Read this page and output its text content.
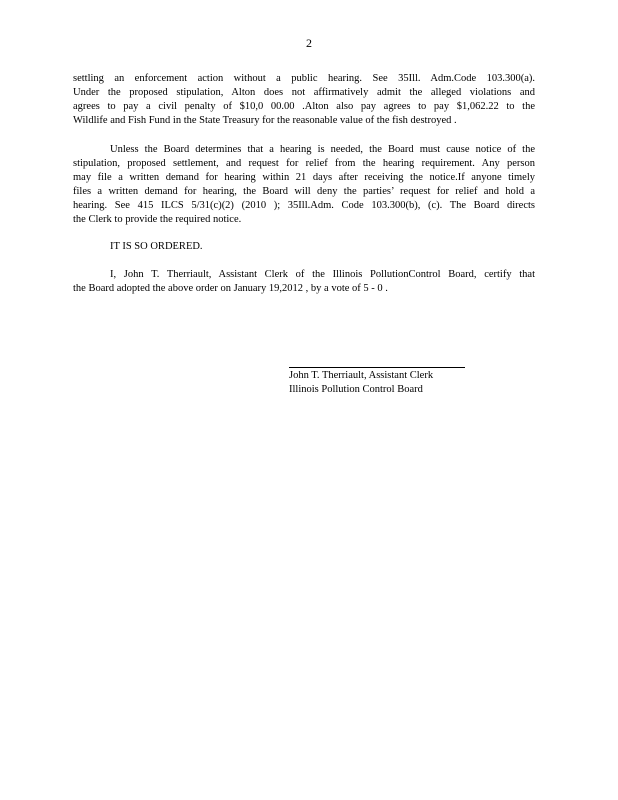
2
settling an enforcement action without a public hearing. See 35Ill. Adm.Code 103.300(a).
Under the proposed stipulation, Alton does not affirmatively admit the alleged violations and
agrees to pay a civil penalty of $10,0 00.00 .Alton also pay agrees to pay $1,062.22 to the
Wildlife and Fish Fund in the State Treasury for the reasonable value of the fish destroyed .
Unless the Board determines that a hearing is needed, the Board must cause notice of the
stipulation, proposed settlement, and request for relief from the hearing requirement. Any person
may file a written demand for hearing within 21 days after receiving the notice.If anyone timely
files a written demand for hearing, the Board will deny the parties’ request for relief and hold a
hearing. See 415 ILCS 5/31(c)(2) (2010 ); 35Ill.Adm. Code 103.300(b), (c). The Board directs
the Clerk to provide the required notice.
IT IS SO ORDERED.
I, John T. Therriault, Assistant Clerk of the Illinois PollutionControl Board, certify that
the Board adopted the above order on January 19,2012 , by a vote of 5 - 0 .
John T. Therriault, Assistant Clerk
Illinois Pollution Control Board
